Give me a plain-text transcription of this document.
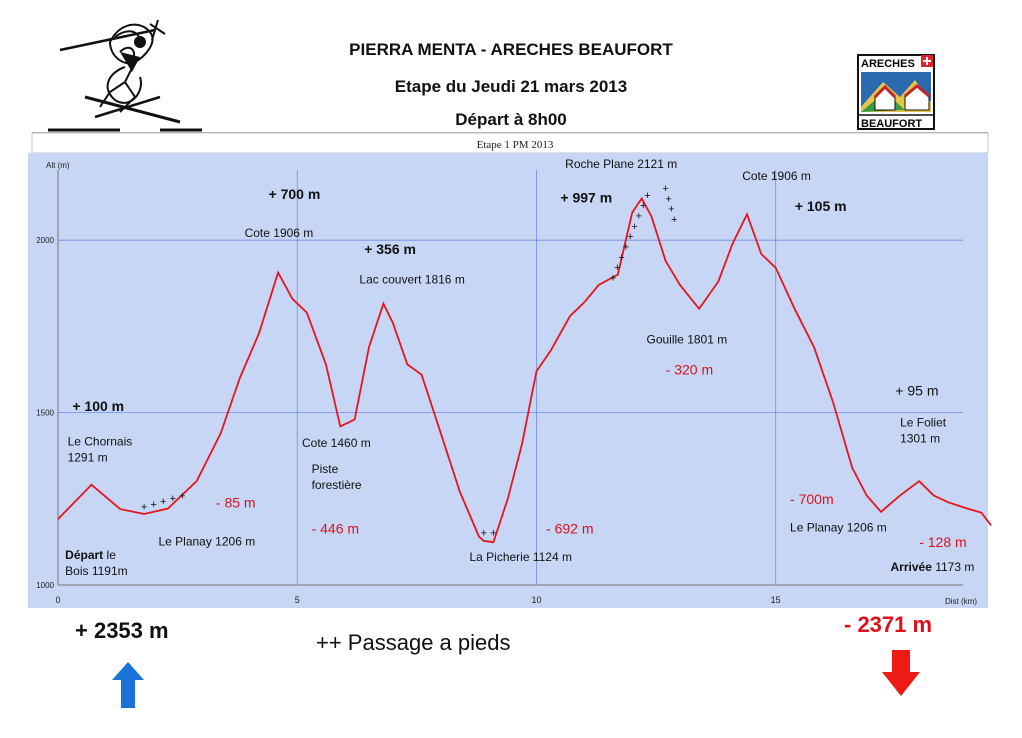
PIERRA MENTA - ARECHES BEAUFORT
Etape du Jeudi 21 mars 2013
Départ à 8h00
ARECHES
BEAUFORT
Etape 1 PM 2013
0	5	10	15
1000
1500
2000
Alt (m)
Dist (km)
+ + + + +
+ +
+
+
+
+
+
+
+
+
+
+
+
+
+
+ 100 m
+ 700 m
+ 356 m
+ 997 m
+ 105 m
+ 95 m
- 85 m
- 446 m	- 692 m
- 320 m
- 700m
- 128 m
Le Chornais
1291 m
Le Planay 1206 m
Cote 1906 m
Lac couvert 1816 m
Cote 1460 m
Piste
forestière
La Picherie 1124 m
Roche Plane 2121 m
Gouille 1801 m
Cote 1906 m
Le Foliet
1301 m
Le Planay 1206 m
Départ le
Bois 1191m	Arrivée 1173 m
+ 2353 m	- 2371 m
++ Passage a pieds
